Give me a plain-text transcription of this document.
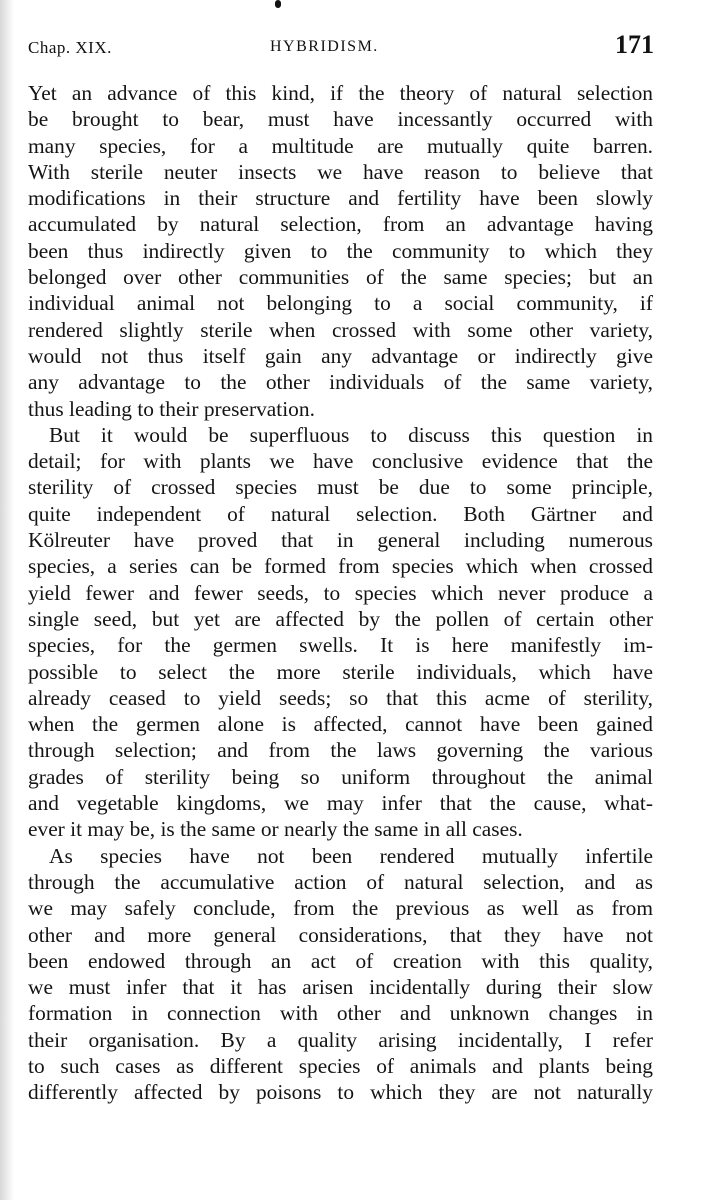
Chap. XIX.	HYBRIDISM.	171
Yet an advance of this kind, if the theory of natural selection
be brought to bear, must have incessantly occurred with
many species, for a multitude are mutually quite barren.
With sterile neuter insects we have reason to believe that
modifications in their structure and fertility have been slowly
accumulated by natural selection, from an advantage having
been thus indirectly given to the community to which they
belonged over other communities of the same species; but an
individual animal not belonging to a social community, if
rendered slightly sterile when crossed with some other variety,
would not thus itself gain any advantage or indirectly give
any advantage to the other individuals of the same variety,
thus leading to their preservation.
But it would be superfluous to discuss this question in
detail; for with plants we have conclusive evidence that the
sterility of crossed species must be due to some principle,
quite independent of natural selection. Both Gärtner and
Kölreuter have proved that in general including numerous
species, a series can be formed from species which when crossed
yield fewer and fewer seeds, to species which never produce a
single seed, but yet are affected by the pollen of certain other
species, for the germen swells. It is here manifestly im-
possible to select the more sterile individuals, which have
already ceased to yield seeds; so that this acme of sterility,
when the germen alone is affected, cannot have been gained
through selection; and from the laws governing the various
grades of sterility being so uniform throughout the animal
and vegetable kingdoms, we may infer that the cause, what-
ever it may be, is the same or nearly the same in all cases.
As species have not been rendered mutually infertile
through the accumulative action of natural selection, and as
we may safely conclude, from the previous as well as from
other and more general considerations, that they have not
been endowed through an act of creation with this quality,
we must infer that it has arisen incidentally during their slow
formation in connection with other and unknown changes in
their organisation. By a quality arising incidentally, I refer
to such cases as different species of animals and plants being
differently affected by poisons to which they are not naturally
